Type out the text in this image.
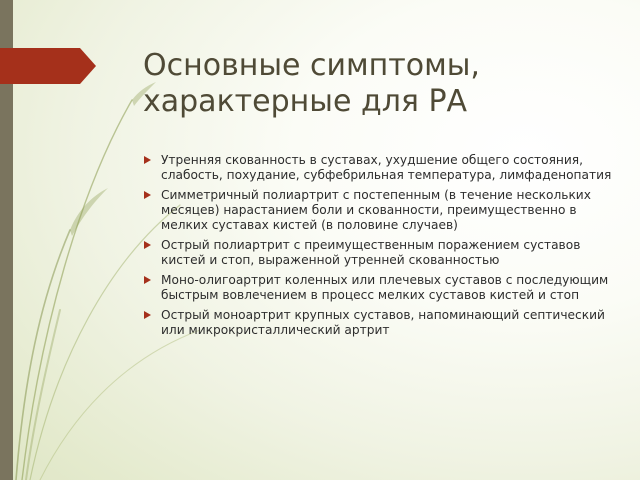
Основные симптомы, характерные для РА
Утренняя скованность в суставах, ухудшение общего состояния, слабость, похудание, субфебрильная температура, лимфаденопатия
Симметричный полиартрит с постепенным (в течение нескольких месяцев) нарастанием боли и скованности, преимущественно в мелких суставах кистей (в половине случаев)
Острый полиартрит с преимущественным поражением суставов кистей и стоп, выраженной утренней скованностью
Моно-олигоартрит коленных или плечевых суставов с последующим быстрым вовлечением в процесс мелких суставов кистей и стоп
Острый моноартрит крупных суставов, напоминающий септический или микрокристаллический артрит
